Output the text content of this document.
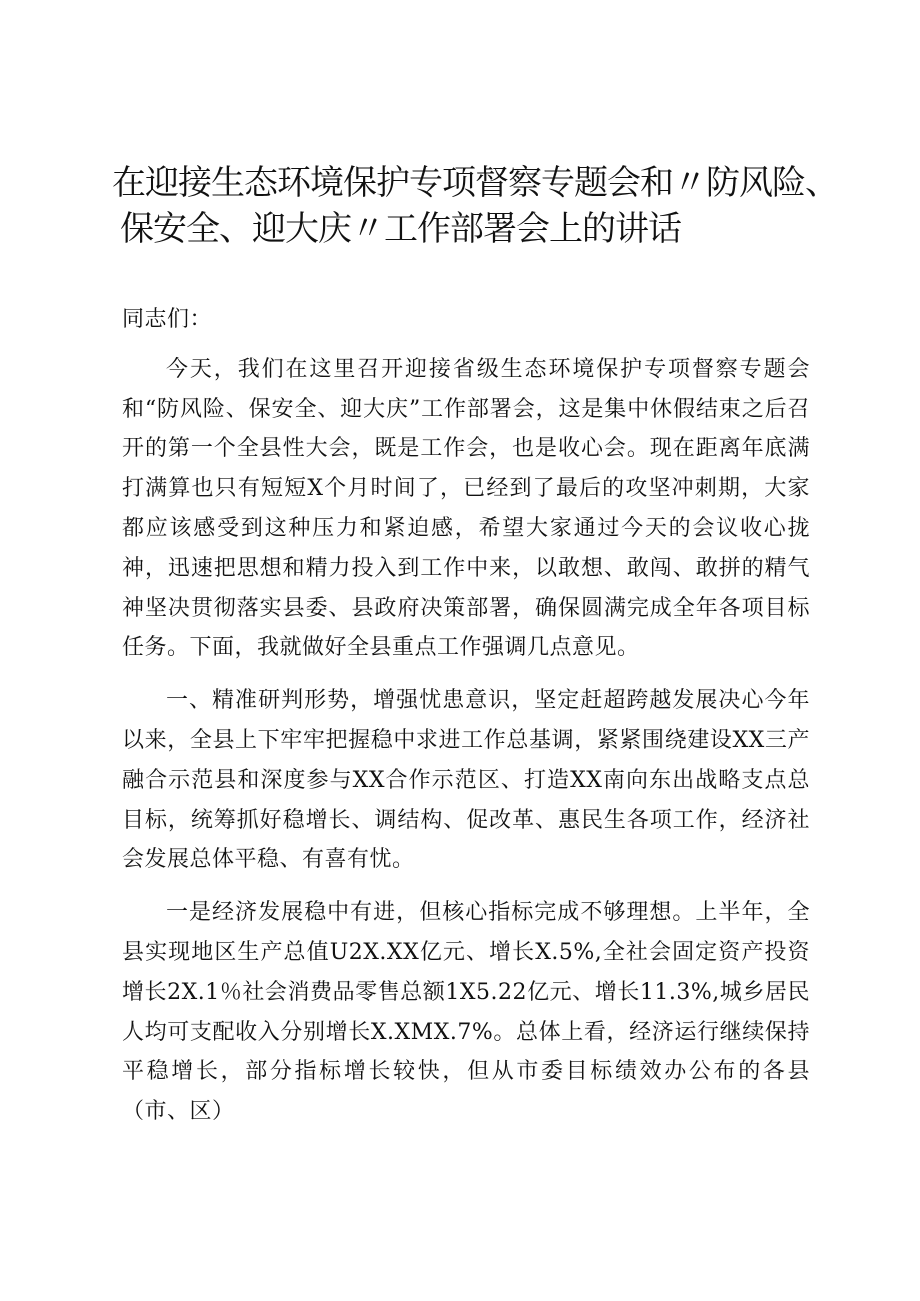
在迎接生态环境保护专项督察专题会和〃防风险、
保安全、迎大庆〃工作部署会上的讲话

同志们：

今天，我们在这里召开迎接省级生态环境保护专项督察专题会和“防风险、保安全、迎大庆”工作部署会，这是集中休假结束之后召开的第一个全县性大会，既是工作会，也是收心会。现在距离年底满打满算也只有短短X个月时间了，已经到了最后的攻坚冲刺期，大家都应该感受到这种压力和紧迫感，希望大家通过今天的会议收心拢神，迅速把思想和精力投入到工作中来，以敢想、敢闯、敢拼的精气神坚决贯彻落实县委、县政府决策部署，确保圆满完成全年各项目标任务。下面，我就做好全县重点工作强调几点意见。

一、精准研判形势，增强忧患意识，坚定赶超跨越发展决心今年以来，全县上下牢牢把握稳中求进工作总基调，紧紧围绕建设XX三产融合示范县和深度参与XX合作示范区、打造XX南向东出战略支点总目标，统筹抓好稳增长、调结构、促改革、惠民生各项工作，经济社会发展总体平稳、有喜有忧。

一是经济发展稳中有进，但核心指标完成不够理想。上半年，全县实现地区生产总值U2X.XX亿元、增长X.5%,全社会固定资产投资增长2X.1％社会消费品零售总额1X5.22亿元、增长11.3%,城乡居民人均可支配收入分别增长X.XMX.7%。总体上看，经济运行继续保持平稳增长，部分指标增长较快，但从市委目标绩效办公布的各县（市、区）
